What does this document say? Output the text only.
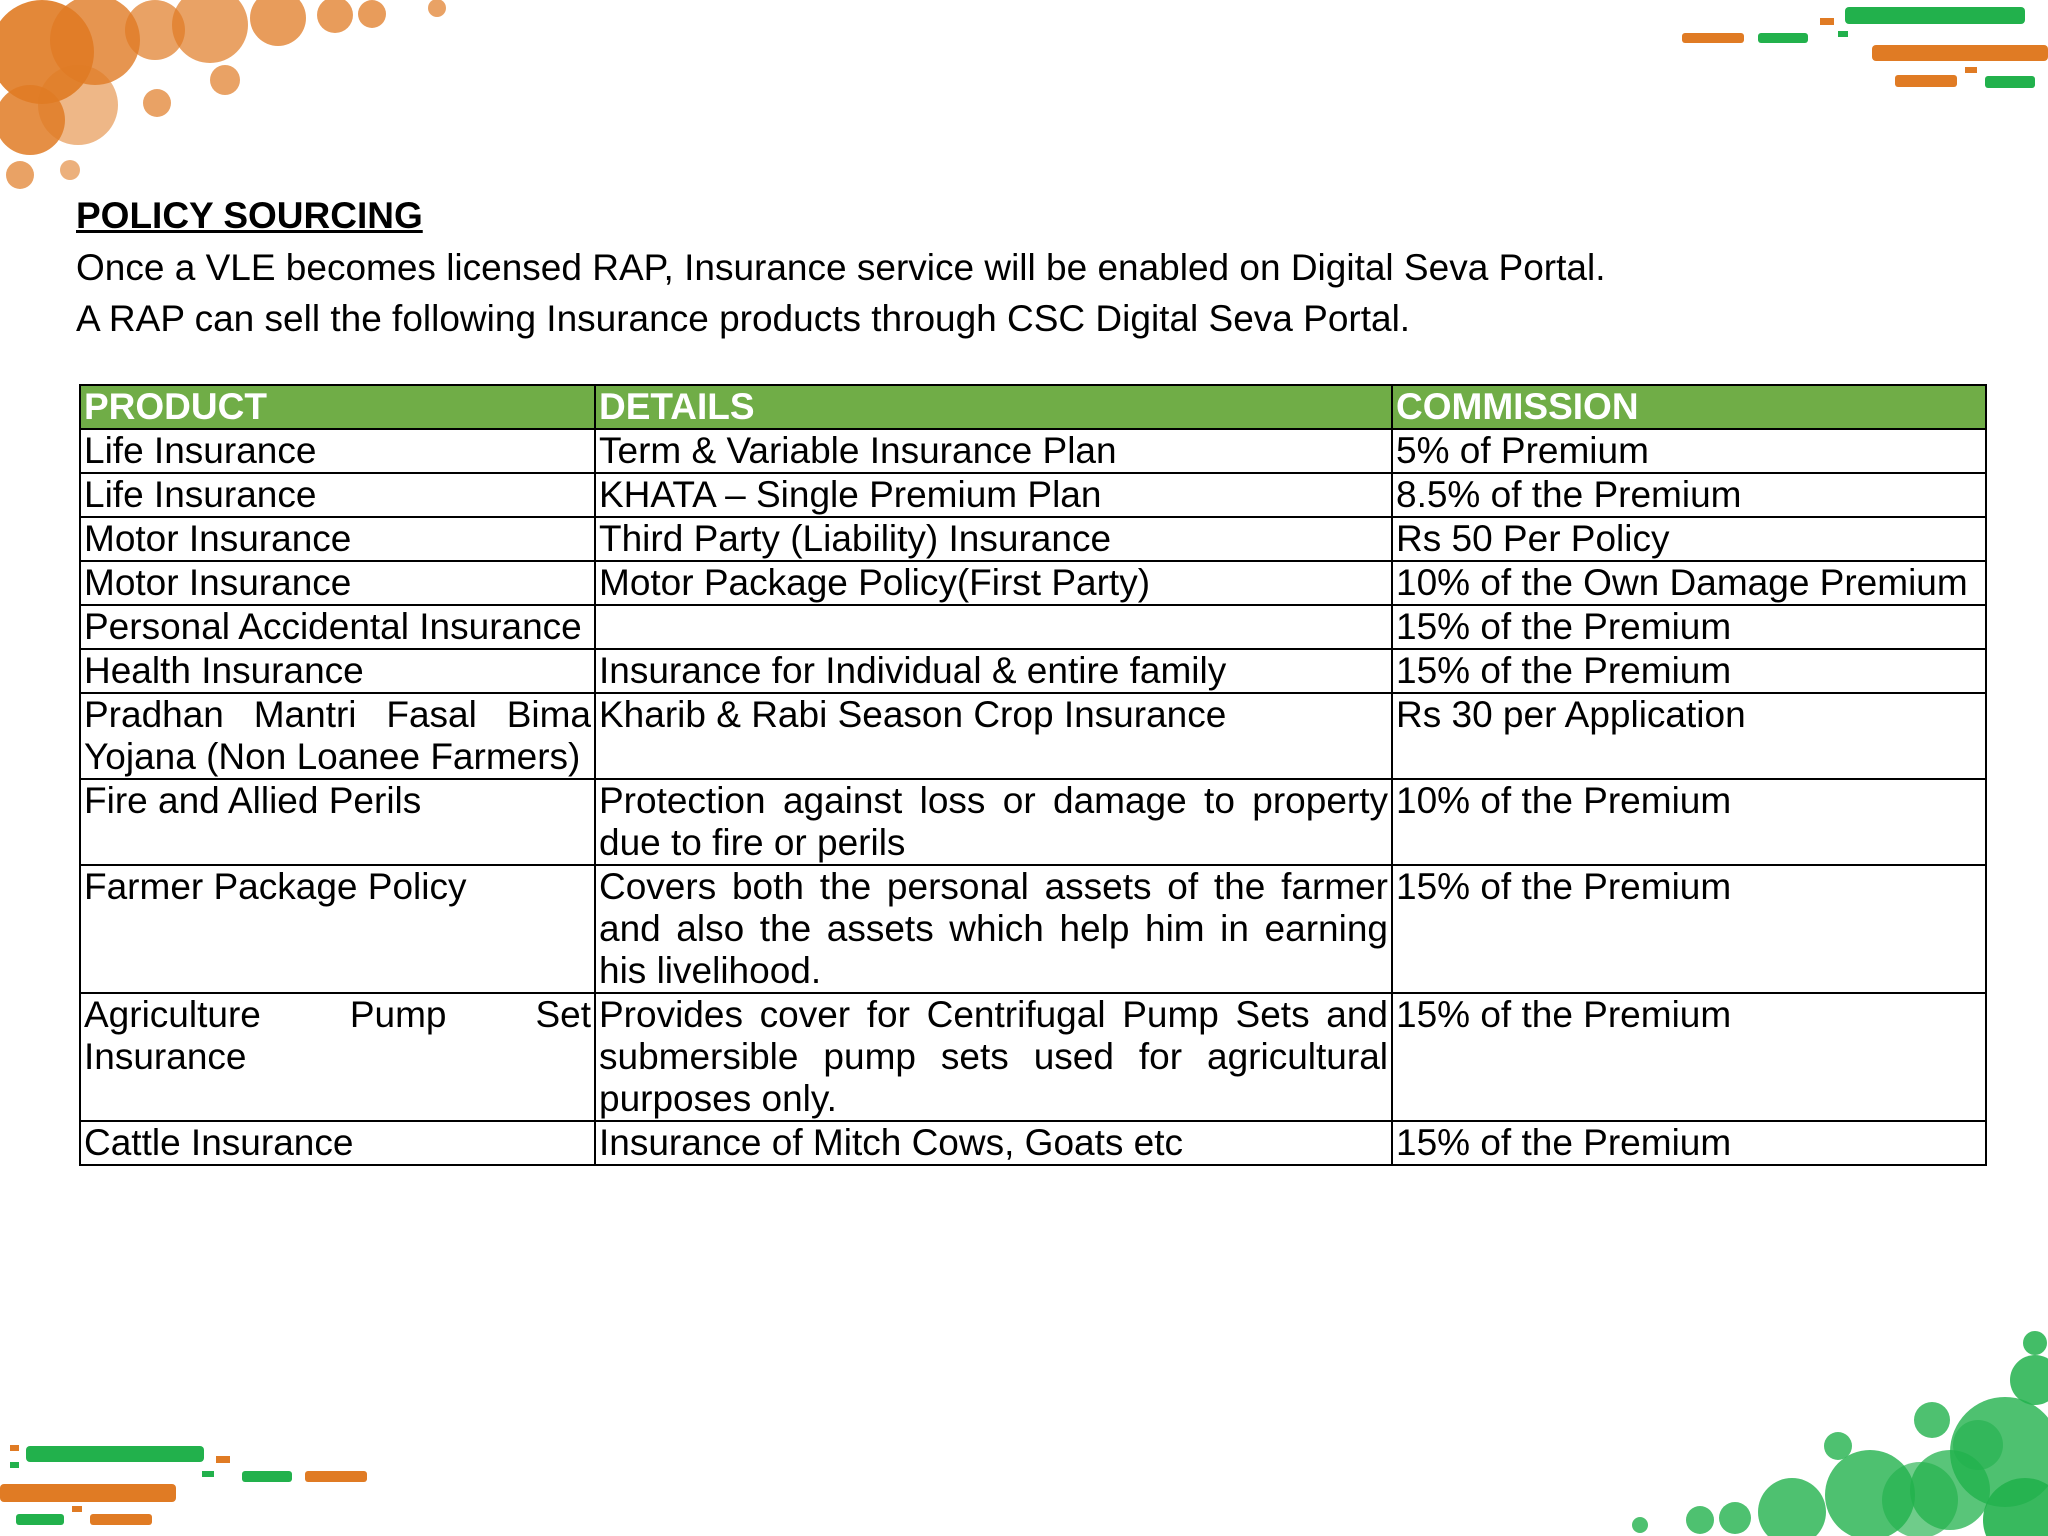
POLICY SOURCING

Once a VLE becomes licensed RAP, Insurance service will be enabled on Digital Seva Portal.

A RAP can sell the following Insurance products through CSC Digital Seva Portal.

PRODUCT	DETAILS	COMMISSION
Life Insurance	Term & Variable Insurance Plan	5% of Premium
Life Insurance	KHATA – Single Premium Plan	8.5% of the Premium
Motor Insurance	Third Party (Liability) Insurance	Rs 50 Per Policy
Motor Insurance	Motor Package Policy(First Party)	10% of the Own Damage Premium
Personal Accidental Insurance		15% of the Premium
Health Insurance	Insurance for Individual & entire family	15% of the Premium
Pradhan Mantri Fasal Bima Yojana (Non Loanee Farmers)	Kharib & Rabi Season Crop Insurance	Rs 30 per Application
Fire and Allied Perils	Protection against loss or damage to property due to fire or perils	10% of the Premium
Farmer Package Policy	Covers both the personal assets of the farmer and also the assets which help him in earning his livelihood.	15% of the Premium
Agriculture Pump Set Insurance	Provides cover for Centrifugal Pump Sets and submersible pump sets used for agricultural purposes only.	15% of the Premium
Cattle Insurance	Insurance of Mitch Cows, Goats etc	15% of the Premium
